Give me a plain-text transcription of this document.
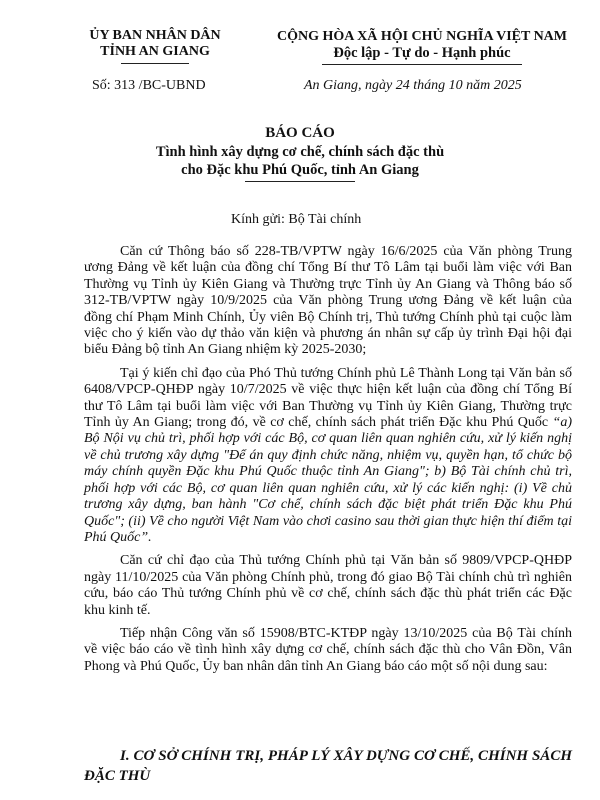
ỦY BAN NHÂN DÂN
TỈNH AN GIANG
Số: 313 /BC-UBND
CỘNG HÒA XÃ HỘI CHỦ NGHĨA VIỆT NAM
Độc lập - Tự do - Hạnh phúc
An Giang, ngày 24 tháng 10 năm 2025
BÁO CÁO
Tình hình xây dựng cơ chế, chính sách đặc thù
cho Đặc khu Phú Quốc, tỉnh An Giang
Kính gửi: Bộ Tài chính

Căn cứ Thông báo số 228-TB/VPTW ngày 16/6/2025 của Văn phòng Trung ương Đảng về kết luận của đồng chí Tổng Bí thư Tô Lâm tại buổi làm việc với Ban Thường vụ Tỉnh ủy Kiên Giang và Thường trực Tỉnh ủy An Giang và Thông báo số 312-TB/VPTW ngày 10/9/2025 của Văn phòng Trung ương Đảng về kết luận của đồng chí Phạm Minh Chính, Ủy viên Bộ Chính trị, Thủ tướng Chính phủ tại cuộc làm việc cho ý kiến vào dự thảo văn kiện và phương án nhân sự cấp ủy trình Đại hội đại biểu Đảng bộ tỉnh An Giang nhiệm kỳ 2025-2030;

Tại ý kiến chỉ đạo của Phó Thủ tướng Chính phủ Lê Thành Long tại Văn bản số 6408/VPCP-QHĐP ngày 10/7/2025 về việc thực hiện kết luận của đồng chí Tổng Bí thư Tô Lâm tại buổi làm việc với Ban Thường vụ Tỉnh ủy Kiên Giang, Thường trực Tỉnh ủy An Giang; trong đó, về cơ chế, chính sách phát triển Đặc khu Phú Quốc “a) Bộ Nội vụ chủ trì, phối hợp với các Bộ, cơ quan liên quan nghiên cứu, xử lý kiến nghị về chủ trương xây dựng "Để án quy định chức năng, nhiệm vụ, quyền hạn, tổ chức bộ máy chính quyền Đặc khu Phú Quốc thuộc tỉnh An Giang"; b) Bộ Tài chính chủ trì, phối hợp với các Bộ, cơ quan liên quan nghiên cứu, xử lý các kiến nghị: (i) Về chủ trương xây dựng, ban hành "Cơ chế, chính sách đặc biệt phát triển Đặc khu Phú Quốc"; (ii) Về cho người Việt Nam vào chơi casino sau thời gian thực hiện thí điểm tại Phú Quốc”.

Căn cứ chỉ đạo của Thủ tướng Chính phủ tại Văn bản số 9809/VPCP-QHĐP ngày 11/10/2025 của Văn phòng Chính phủ, trong đó giao Bộ Tài chính chủ trì nghiên cứu, báo cáo Thủ tướng Chính phủ về cơ chế, chính sách đặc thù phát triển các Đặc khu kinh tế.

Tiếp nhận Công văn số 15908/BTC-KTĐP ngày 13/10/2025 của Bộ Tài chính về việc báo cáo về tình hình xây dựng cơ chế, chính sách đặc thù cho Vân Đồn, Vân Phong và Phú Quốc, Ủy ban nhân dân tỉnh An Giang báo cáo một số nội dung sau:

I. CƠ SỞ CHÍNH TRỊ, PHÁP LÝ XÂY DỰNG CƠ CHẾ, CHÍNH SÁCH ĐẶC THÙ
